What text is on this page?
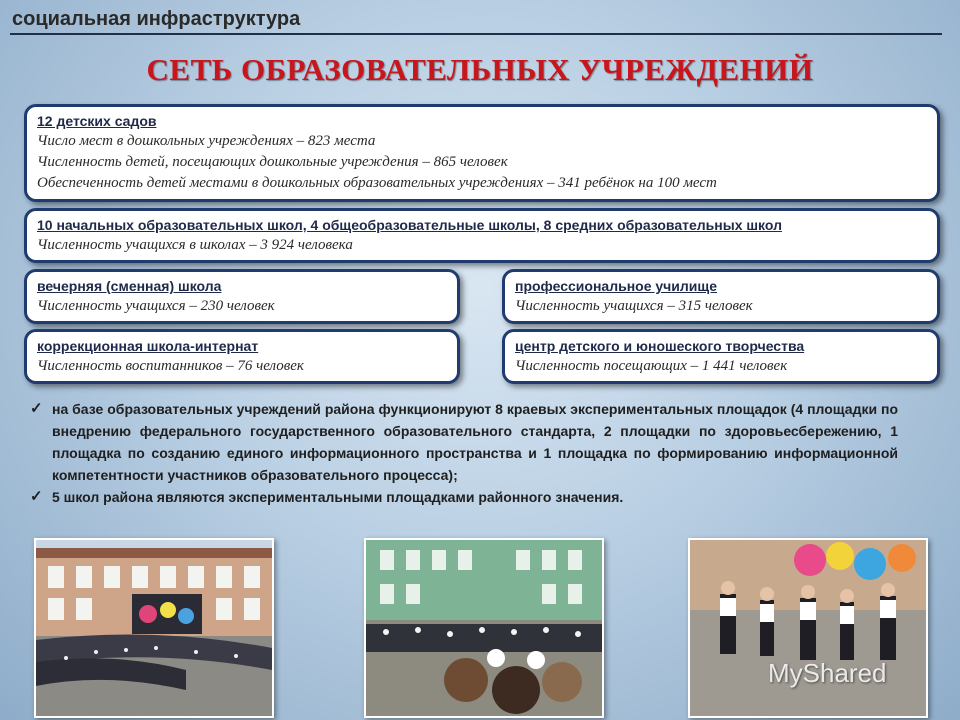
социальная инфраструктура
СЕТЬ ОБРАЗОВАТЕЛЬНЫХ УЧРЕЖДЕНИЙ
12 детских садов
Число мест в дошкольных учреждениях – 823 места
Численность детей, посещающих дошкольные учреждения – 865 человек
Обеспеченность детей местами в дошкольных образовательных учреждениях – 341 ребёнок на 100 мест
10 начальных образовательных школ, 4 общеобразовательные школы, 8 средних образовательных школ
Численность учащихся в школах – 3 924 человека
вечерняя (сменная) школа
Численность учащихся – 230 человек
профессиональное училище
Численность учащихся – 315 человек
коррекционная школа-интернат
Численность воспитанников – 76 человек
центр детского и юношеского творчества
Численность посещающих – 1 441 человек
✓ на базе образовательных учреждений района функционируют 8 краевых экспериментальных площадок (4 площадки по внедрению федерального государственного образовательного стандарта, 2 площадки по здоровьесбережению, 1 площадка по созданию единого информационного пространства и 1 площадка по формированию информационной компетентности участников образовательного процесса);
✓ 5 школ района являются экспериментальными площадками районного значения.
MyShared
